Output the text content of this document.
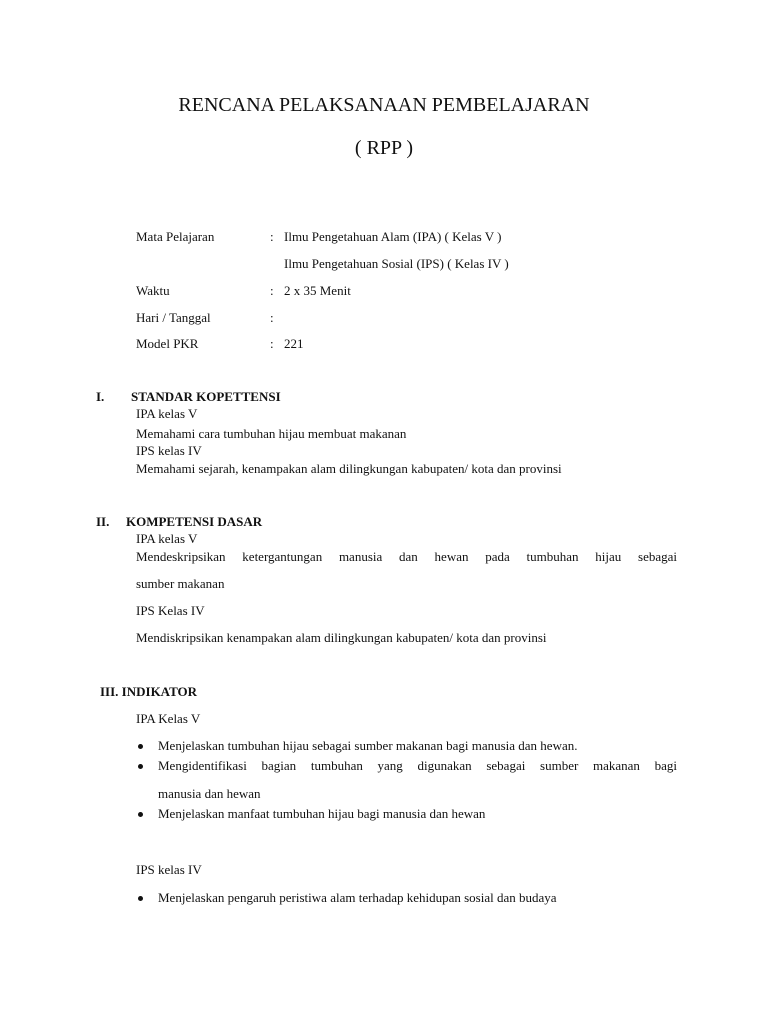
RENCANA PELAKSANAAN PEMBELAJARAN
( RPP )
Mata Pelajaran	: Ilmu Pengetahuan Alam (IPA) ( Kelas V )
Ilmu Pengetahuan Sosial (IPS) ( Kelas IV )
Waktu	: 2 x 35 Menit
Hari / Tanggal	:
Model PKR	: 221
I. STANDAR KOPETTENSI
IPA kelas V
Memahami cara tumbuhan hijau membuat makanan
IPS kelas IV
Memahami sejarah, kenampakan alam dilingkungan kabupaten/ kota dan provinsi
II. KOMPETENSI DASAR
IPA kelas V
Mendeskripsikan ketergantungan manusia dan hewan pada tumbuhan hijau sebagai
sumber makanan
IPS Kelas IV
Mendiskripsikan kenampakan alam dilingkungan kabupaten/ kota dan provinsi
III. INDIKATOR
IPA Kelas V
Menjelaskan tumbuhan hijau sebagai sumber makanan bagi manusia dan hewan.
Mengidentifikasi bagian tumbuhan yang digunakan sebagai sumber makanan bagi
manusia dan hewan
Menjelaskan manfaat tumbuhan hijau bagi manusia dan hewan
IPS kelas IV
Menjelaskan pengaruh peristiwa alam terhadap kehidupan sosial dan budaya
